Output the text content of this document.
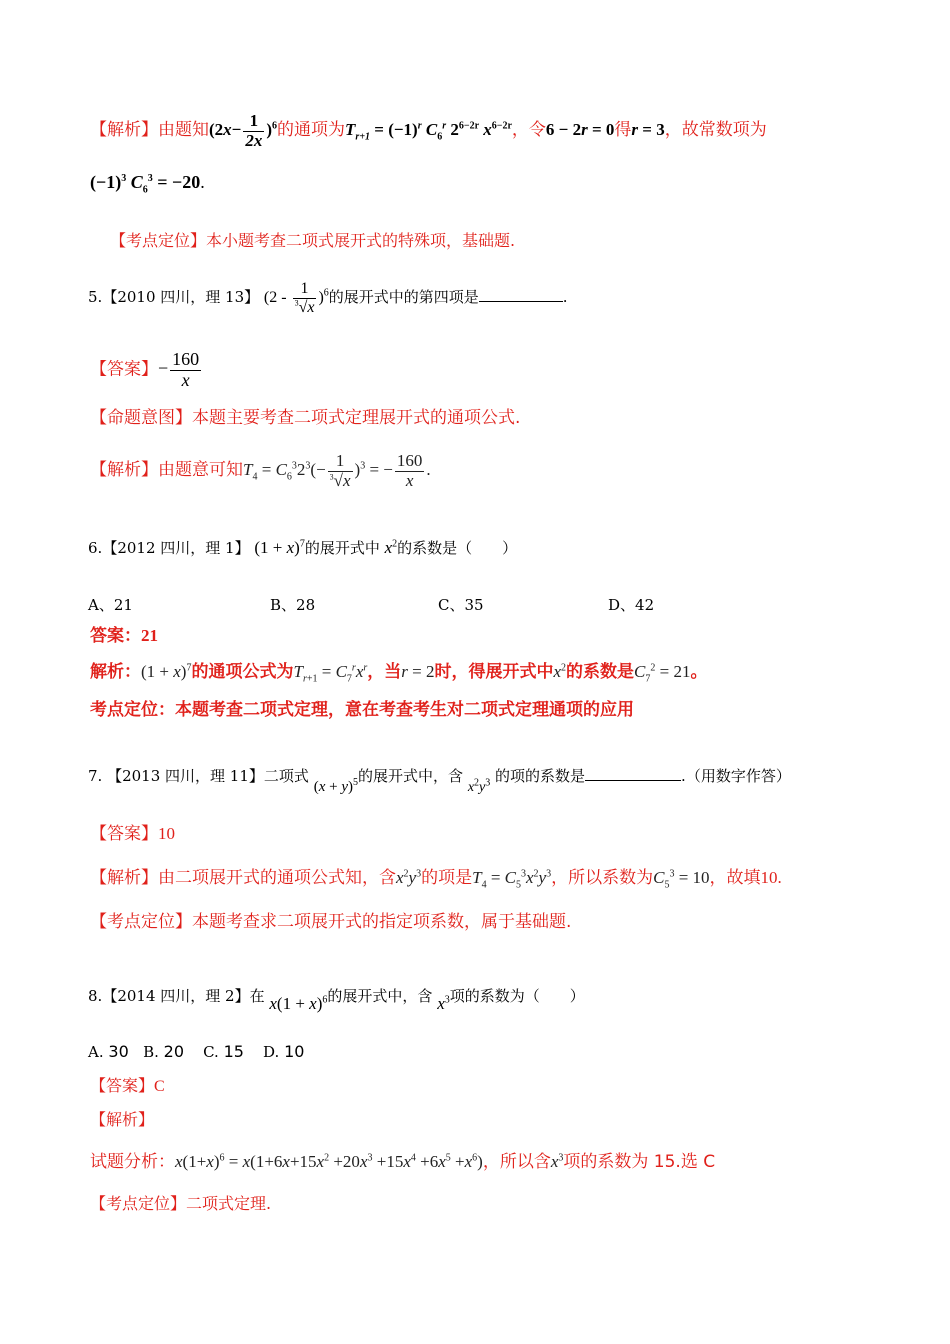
【解析】由题知$(2x- \frac{1}{2x} )^6$的通项为$T_{r+1} = (-1)^r$ $C_6^r$ $2^{6-2r}$ $x^{6-2r}$，令6 − 2r = 0得r = 3，故常数项为
$(-1)^3$ $C_6^3 = -20$.
【考点定位】本小题考查二项式展开式的特殊项，基础题.
5.【2010 四川，理 13】 $(2 - \frac{1}{^3√x} )^6$的展开式中的第四项是	.
【答案】− $\frac{160}{x}$
【命题意图】本题主要考查二项式定理展开式的通项公式.
【解析】由题意可知$T_4 = C_6^32^3(- \frac{1}{^3√x} )^3$ = − $\frac{160}{x}$ .
6.【2012 四川，理 1】 $(1 + x)^7$的展开式中 $x^2$的系数是（　　）
A、21	B、28	C、35	D、42
答案：21
解析：$(1 + x)^7$的通项公式为$T_{r+1} = C_7^rx^r$，当r = 2时，得展开式中$x^2$的系数是$C_7^2 = 21$。
考点定位：本题考查二项式定理，意在考查考生对二项式定理通项的应用
7. 【2013 四川，理 11】二项式 $(x + y)^5$的展开式中，含 $x^2y^3$ 的项的系数是	.（用数字作答）
【答案】10
【解析】由二项展开式的通项公式知，含$x^2y^3$的项是$T_4 = C_5^3x^2y^3$，所以系数为$C_5^3 = 10$，故填10.
【考点定位】本题考查求二项展开式的指定项系数，属于基础题.
8.【2014 四川，理 2】在 $x(1 + x)^6$的展开式中，含 $x^3$项的系数为（　　）
A. 30 B. 20 C. 15 D. 10
【答案】C
【解析】
试题分析：$x(1+x)^6 = x(1+6x+15x^2 +20x^3 +15x^4 +6x^5 +x^6)$，所以含$x^3$项的系数为 15.选 C
【考点定位】二项式定理.
